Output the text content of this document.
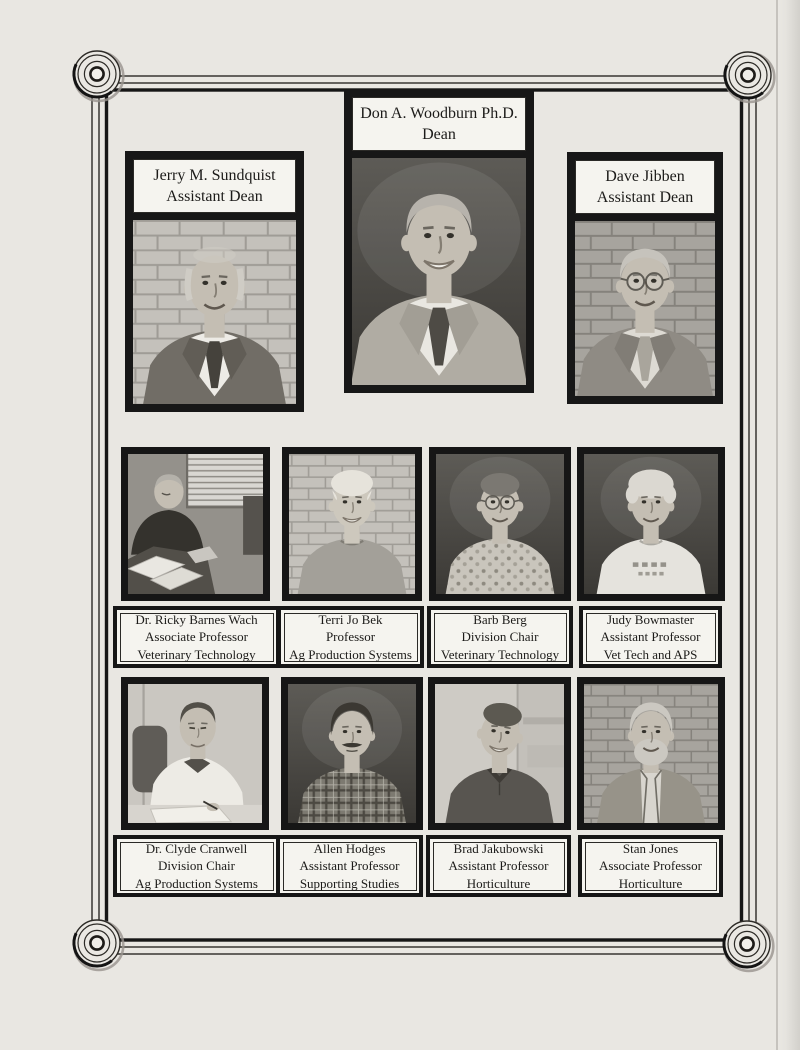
Don A. Woodburn Ph.D.
Dean
Jerry M. Sundquist
Assistant Dean
Dave Jibben
Assistant Dean
Dr. Ricky Barnes Wach
Associate Professor
Veterinary Technology
Terri Jo Bek
Professor
Ag Production Systems
Barb Berg
Division Chair
Veterinary Technology
Judy Bowmaster
Assistant Professor
Vet Tech and APS
Dr. Clyde Cranwell
Division Chair
Ag Production Systems
Allen Hodges
Assistant Professor
Supporting Studies
Brad Jakubowski
Assistant Professor
Horticulture
Stan Jones
Associate Professor
Horticulture
